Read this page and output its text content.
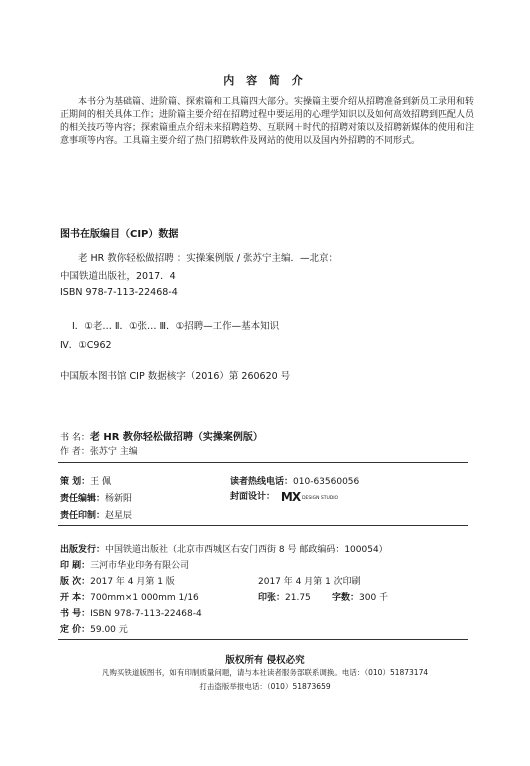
内 容 简 介

本书分为基础篇、进阶篇、探索篇和工具篇四大部分。实操篇主要介绍从招聘准备到新员工录用和转正期间的相关具体工作；进阶篇主要介绍在招聘过程中要运用的心理学知识以及如何高效招聘到匹配人员的相关技巧等内容；探索篇重点介绍未来招聘趋势、互联网＋时代的招聘对策以及招聘新媒体的使用和注意事项等内容。工具篇主要介绍了热门招聘软件及网站的使用以及国内外招聘的不同形式。

图书在版编目（CIP）数据
老 HR 教你轻松做招聘 ：实操案例版 / 张苏宁主编．—北京：
中国铁道出版社，2017．4
ISBN 978-7-113-22468-4
Ⅰ．①老… Ⅱ．①张… Ⅲ．①招聘—工作—基本知识
Ⅳ．①C962
中国版本图书馆 CIP 数据核字（2016）第 260620 号
书 名：老 HR 教你轻松做招聘（实操案例版）
作 者：张苏宁 主编
策 划：王 佩	读者热线电话：010-63560056
责任编辑：杨新阳	封面设计： MX DESIGN STUDIO
责任印制：赵星辰
出版发行：中国铁道出版社（北京市西城区右安门西街 8 号 邮政编码：100054）
印 刷：三河市华业印务有限公司
版 次：2017 年 4 月第 1 版	2017 年 4 月第 1 次印刷
开 本：700mm×1 000mm 1/16	印张：21.75 字数：300 千
书 号：ISBN 978-7-113-22468-4
定 价：59.00 元
版权所有 侵权必究
凡购买铁道版图书，如有印制质量问题，请与本社读者服务部联系调换。电话：（010）51873174
打击盗版举报电话：（010）51873659
